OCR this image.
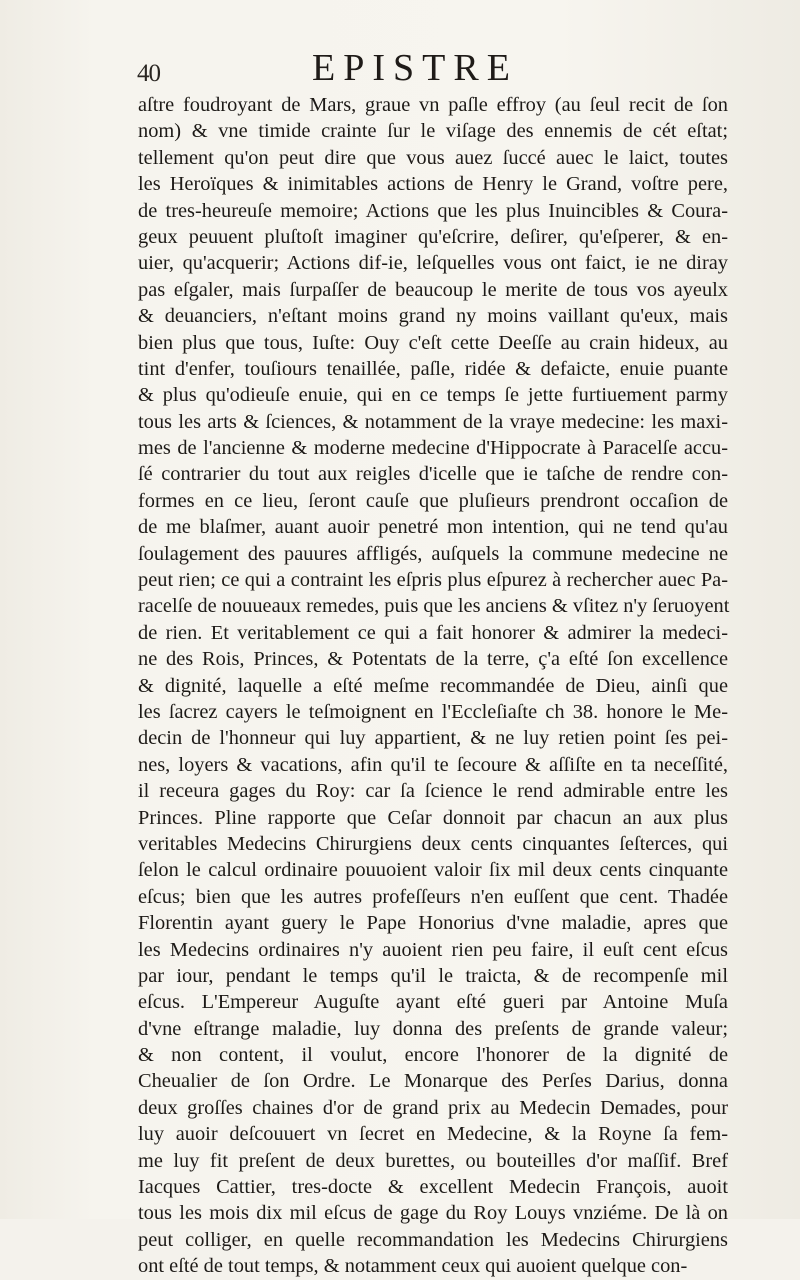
40	EPISTRE
aſtre foudroyant de Mars, graue vn paſle effroy (au ſeul recit de ſon
nom) & vne timide crainte ſur le viſage des ennemis de cét eſtat;
tellement qu'on peut dire que vous auez ſuccé auec le laict, toutes
les Heroïques & inimitables actions de Henry le Grand, voſtre pere,
de tres-heureuſe memoire; Actions que les plus Inuincibles & Coura-
geux peuuent pluſtoſt imaginer qu'eſcrire, deſirer, qu'eſperer, & en-
uier, qu'acquerir; Actions dif-ie, leſquelles vous ont faict, ie ne diray
pas eſgaler, mais ſurpaſſer de beaucoup le merite de tous vos ayeulx
& deuanciers, n'eſtant moins grand ny moins vaillant qu'eux, mais
bien plus que tous, Iuſte: Ouy c'eſt cette Deeſſe au crain hideux, au
tint d'enfer, touſiours tenaillée, paſle, ridée & defaicte, enuie puante
& plus qu'odieuſe enuie, qui en ce temps ſe jette furtiuement parmy
tous les arts & ſciences, & notamment de la vraye medecine: les maxi-
mes de l'ancienne & moderne medecine d'Hippocrate à Paracelſe accu-
ſé contrarier du tout aux reigles d'icelle que ie taſche de rendre con-
formes en ce lieu, ſeront cauſe que pluſieurs prendront occaſion de
de me blaſmer, auant auoir penetré mon intention, qui ne tend qu'au
ſoulagement des pauures affligés, auſquels la commune medecine ne
peut rien; ce qui a contraint les eſpris plus eſpurez à rechercher auec Pa-
racelſe de nouueaux remedes, puis que les anciens & vſitez n'y ſeruoyent
de rien. Et veritablement ce qui a fait honorer & admirer la medeci-
ne des Rois, Princes, & Potentats de la terre, ç'a eſté ſon excellence
& dignité, laquelle a eſté meſme recommandée de Dieu, ainſi que
les ſacrez cayers le teſmoignent en l'Eccleſiaſte ch 38. honore le Me-
decin de l'honneur qui luy appartient, & ne luy retien point ſes pei-
nes, loyers & vacations, afin qu'il te ſecoure & aſſiſte en ta neceſſité,
il receura gages du Roy: car ſa ſcience le rend admirable entre les
Princes. Pline rapporte que Ceſar donnoit par chacun an aux plus
veritables Medecins Chirurgiens deux cents cinquantes ſeſterces, qui
ſelon le calcul ordinaire pouuoient valoir ſix mil deux cents cinquante
eſcus; bien que les autres profeſſeurs n'en euſſent que cent. Thadée
Florentin ayant guery le Pape Honorius d'vne maladie, apres que
les Medecins ordinaires n'y auoient rien peu faire, il euſt cent eſcus
par iour, pendant le temps qu'il le traicta, & de recompenſe mil
eſcus. L'Empereur Auguſte ayant eſté gueri par Antoine Muſa
d'vne eſtrange maladie, luy donna des preſents de grande valeur;
& non content, il voulut, encore l'honorer de la dignité de
Cheualier de ſon Ordre. Le Monarque des Perſes Darius, donna
deux groſſes chaines d'or de grand prix au Medecin Demades, pour
luy auoir deſcouuert vn ſecret en Medecine, & la Royne ſa fem-
me luy fit preſent de deux burettes, ou bouteilles d'or maſſif. Bref
Iacques Cattier, tres-docte & excellent Medecin François, auoit
tous les mois dix mil eſcus de gage du Roy Louys vnziéme. De là on
peut colliger, en quelle recommandation les Medecins Chirurgiens
ont eſté de tout temps, & notamment ceux qui auoient quelque con-
